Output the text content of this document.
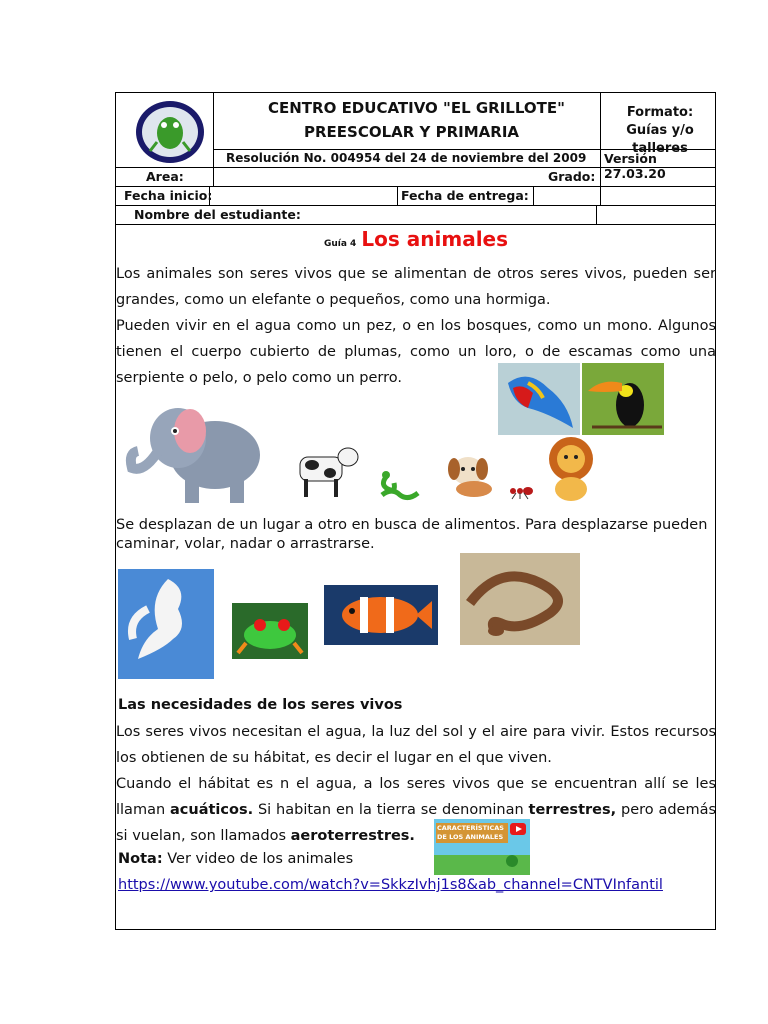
CENTRO EDUCATIVO "EL GRILLOTE"
PREESCOLAR Y PRIMARIA
Formato: Guías y/o talleres
Resolución No. 004954 del 24 de noviembre del 2009	Versión 27.03.20
Area:	Grado:
Fecha inicio:	Fecha de entrega:
Nombre del estudiante:
Guía 4 Los animales
Los animales son seres vivos que se alimentan de otros seres vivos, pueden ser grandes, como un elefante o pequeños, como una hormiga.
Pueden vivir en el agua como un pez, o en los bosques, como un mono. Algunos tienen el cuerpo cubierto de plumas, como un loro, o de escamas como una serpiente o pelo, o pelo como un perro.
Se desplazan de un lugar a otro en busca de alimentos. Para desplazarse pueden caminar, volar, nadar o arrastrarse.
Las necesidades de los seres vivos
Los seres vivos necesitan el agua, la luz del sol y el aire para vivir. Estos recursos los obtienen de su hábitat, es decir el lugar en el que viven.
Cuando el hábitat es n el agua, a los seres vivos que se encuentran allí se les llaman acuáticos. Si habitan en la tierra se denominan terrestres, pero además si vuelan, son llamados aeroterrestres.	CARACTERÍSTICAS DE LOS ANIMALES
Nota: Ver video de los animales
https://www.youtube.com/watch?v=SkkzIvhj1s8&ab_channel=CNTVInfantil
